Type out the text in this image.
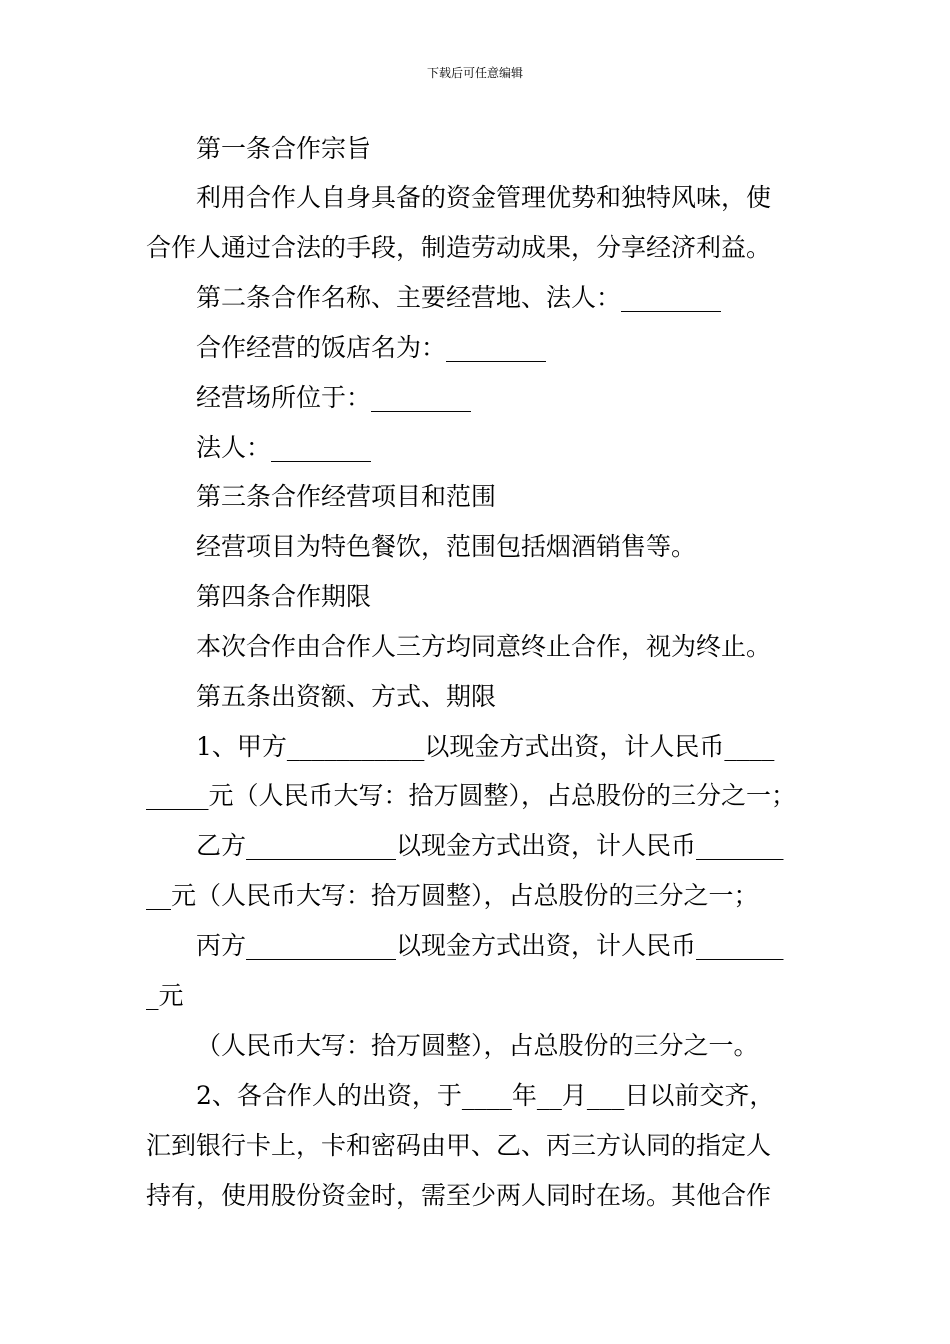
下载后可任意编辑
第一条合作宗旨
利用合作人自身具备的资金管理优势和独特风味，使
合作人通过合法的手段，制造劳动成果，分享经济利益。
第二条合作名称、主要经营地、法人：________
合作经营的饭店名为：________
经营场所位于：________
法人：________
第三条合作经营项目和范围
经营项目为特色餐饮，范围包括烟酒销售等。
第四条合作期限
本次合作由合作人三方均同意终止合作，视为终止。
第五条出资额、方式、期限
1、甲方___________以现金方式出资，计人民币____
_____元（人民币大写：拾万圆整），占总股份的三分之一；
乙方____________以现金方式出资，计人民币_______
__元（人民币大写：拾万圆整），占总股份的三分之一；
丙方____________以现金方式出资，计人民币_______
_元
（人民币大写：拾万圆整），占总股份的三分之一。
2、各合作人的出资，于____年__月___日以前交齐，
汇到银行卡上，卡和密码由甲、乙、丙三方认同的指定人
持有，使用股份资金时，需至少两人同时在场。其他合作
